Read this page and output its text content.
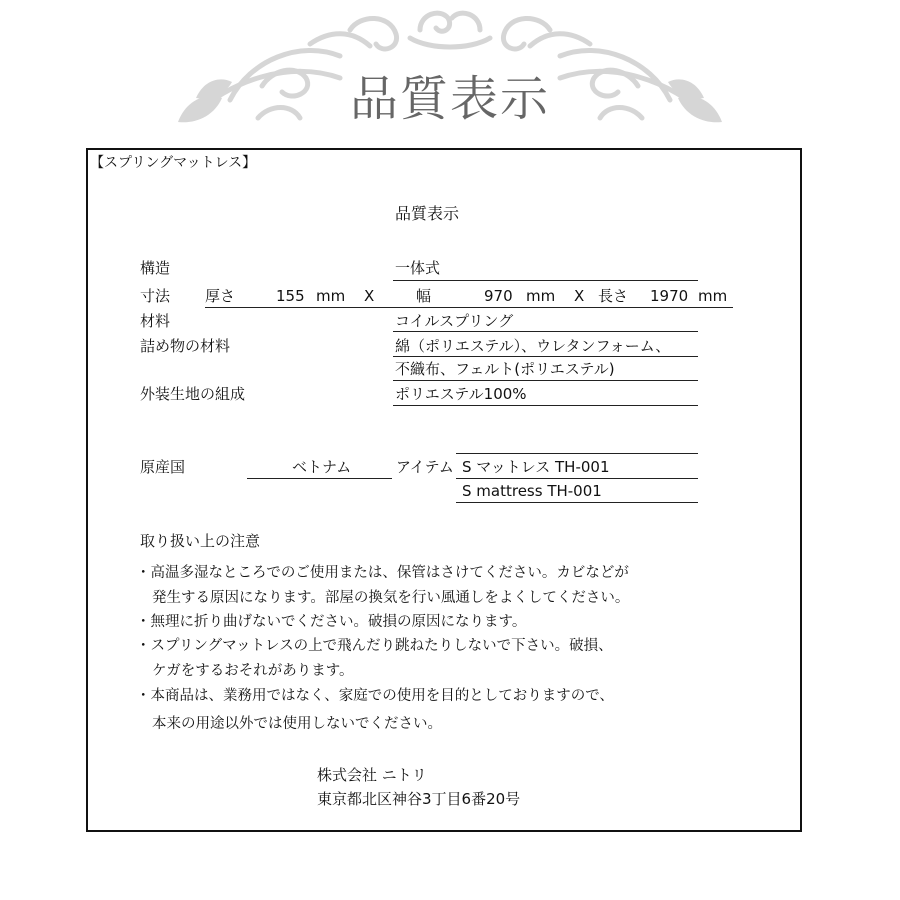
品質表示
【スプリングマットレス】
品質表示
構造	一体式
寸法 厚さ	155 mm X	幅	970 mm X 長さ 1970 mm
材料	コイルスプリング
詰め物の材料	綿（ポリエステル）、ウレタンフォーム、
不織布、フェルト(ポリエステル)
外装生地の組成	ポリエステル100%
原産国	ベトナム	アイテム S マットレス TH-001
S mattress TH-001
取り扱い上の注意
・高温多湿なところでのご使用または、保管はさけてください。カビなどが
発生する原因になります。部屋の換気を行い風通しをよくしてください。
・無理に折り曲げないでください。破損の原因になります。
・スプリングマットレスの上で飛んだり跳ねたりしないで下さい。破損、
ケガをするおそれがあります。
・本商品は、業務用ではなく、家庭での使用を目的としておりますので、
本来の用途以外では使用しないでください。
株式会社 ニトリ
東京都北区神谷3丁目6番20号
